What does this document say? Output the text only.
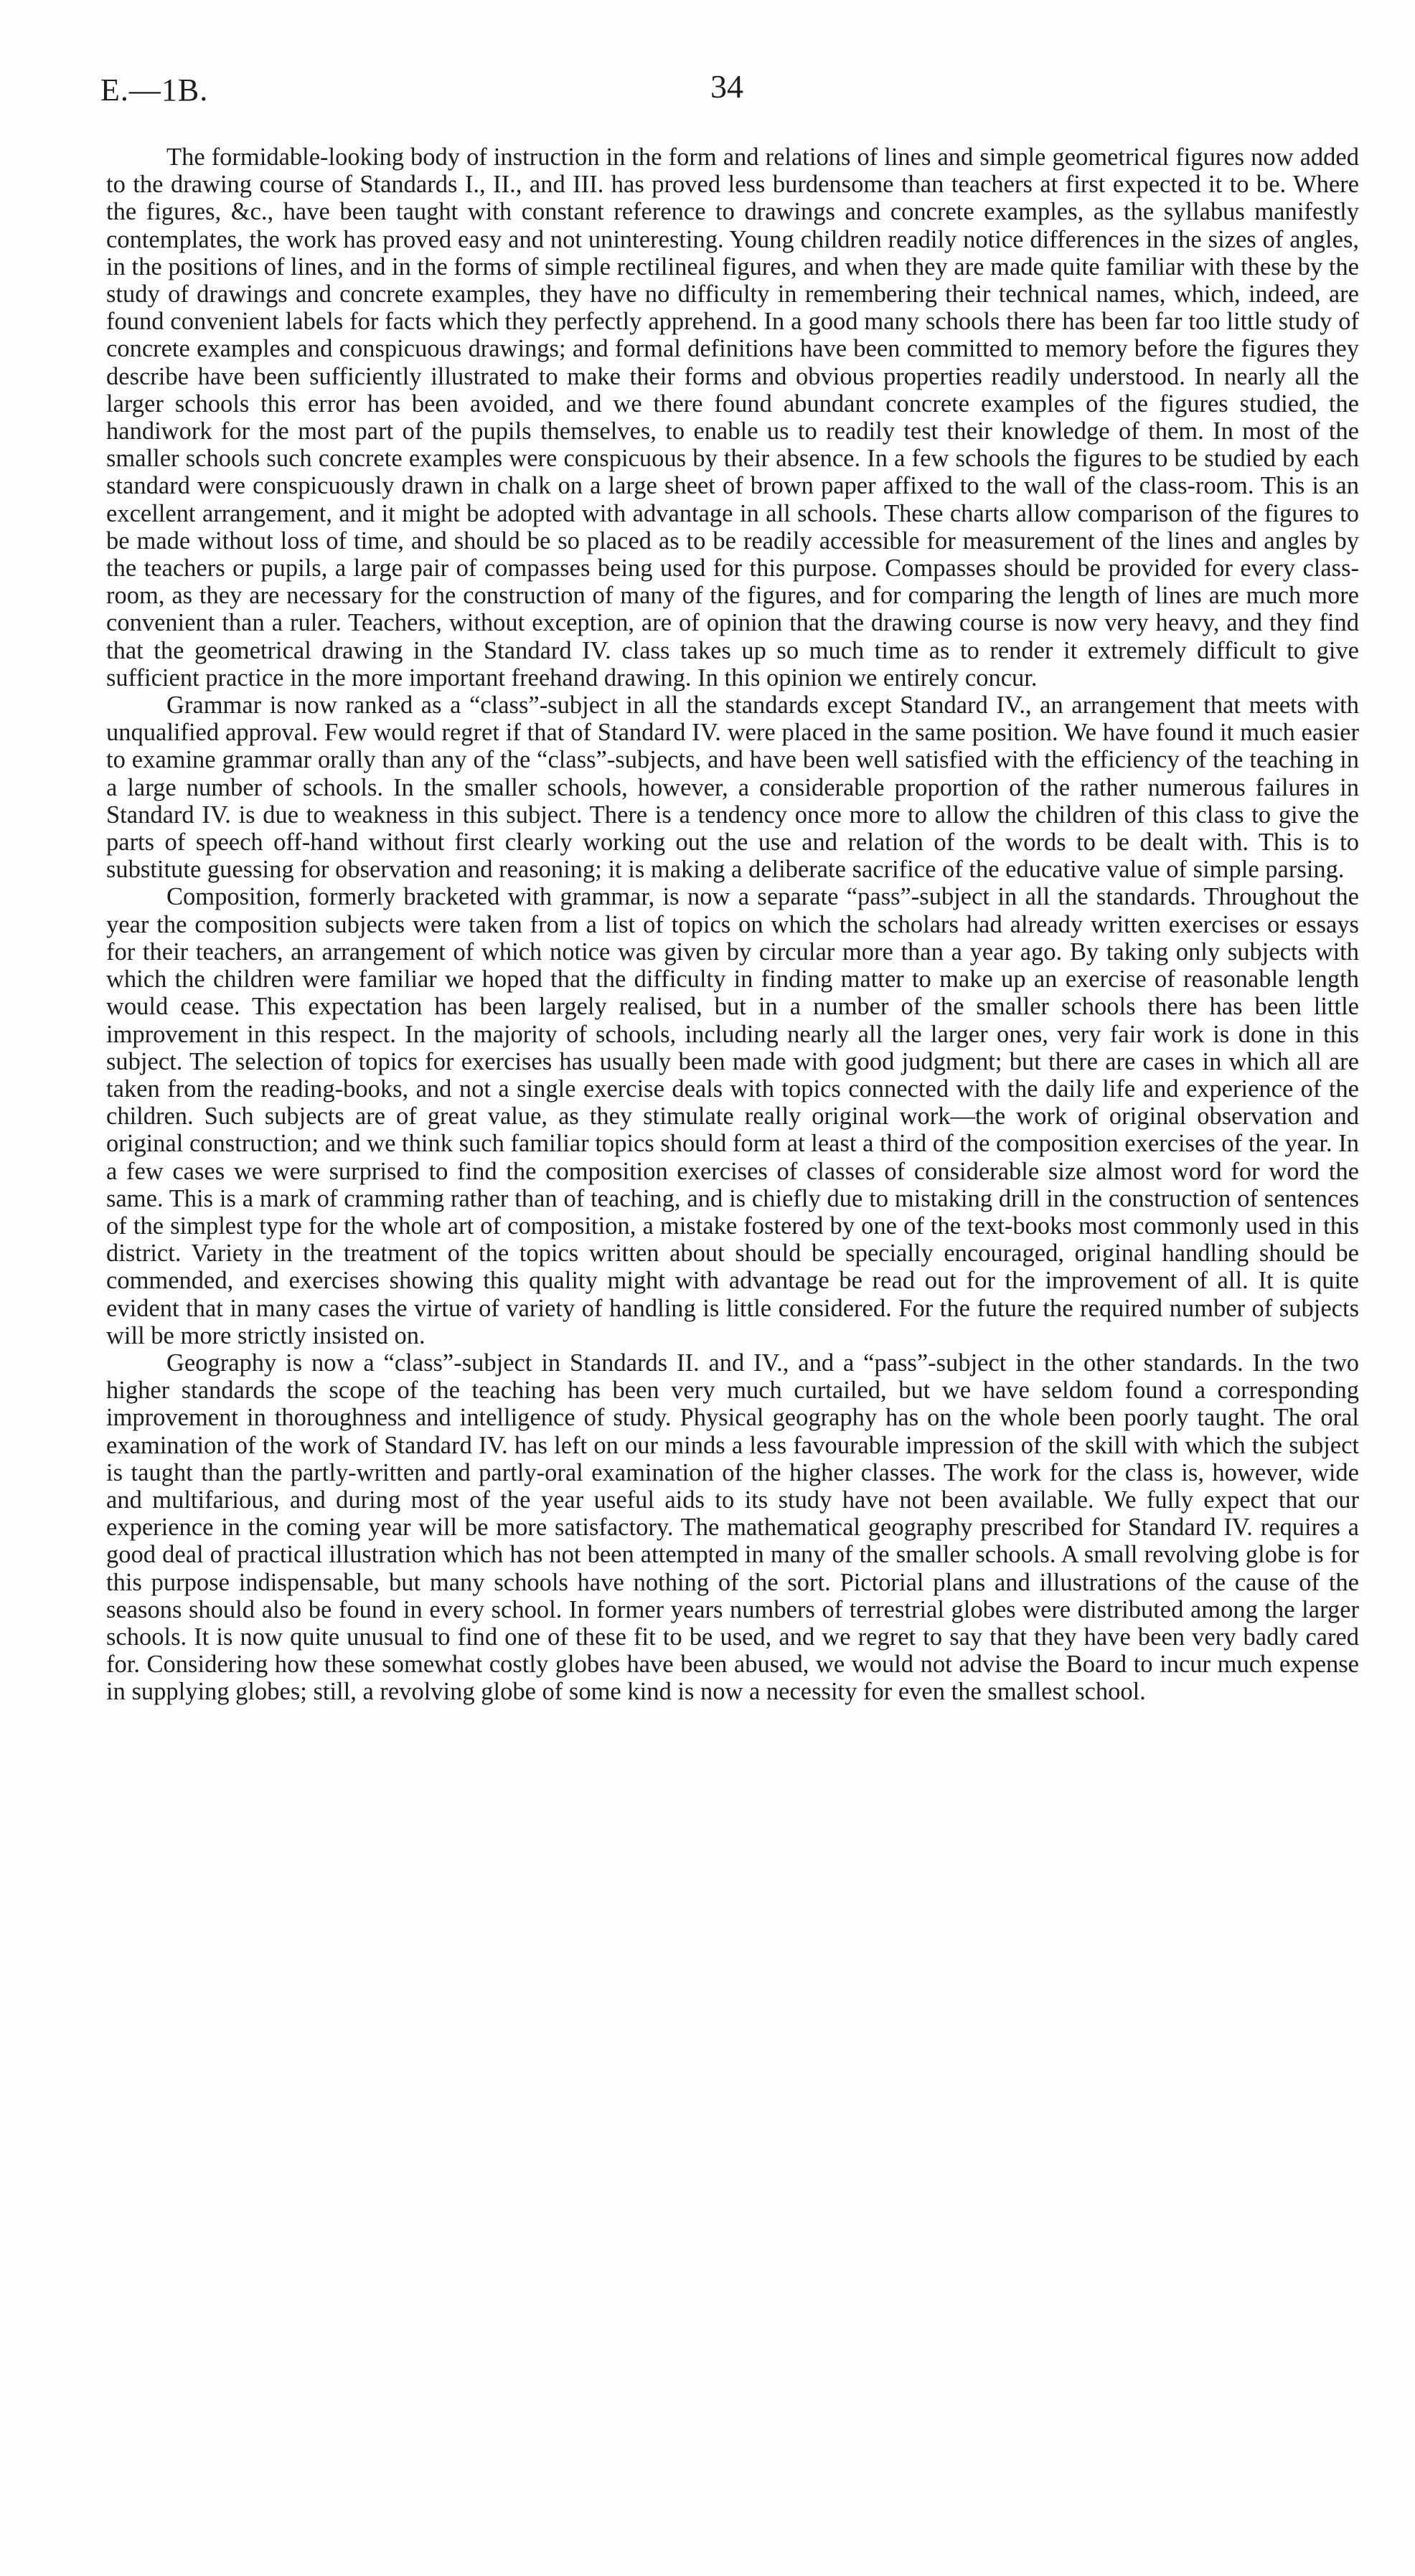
E.—1B.	34

The formidable-looking body of instruction in the form and relations of lines and simple geometrical figures now added to the drawing course of Standards I., II., and III. has proved less burdensome than teachers at first expected it to be. Where the figures, &c., have been taught with constant reference to drawings and concrete examples, as the syllabus manifestly contemplates, the work has proved easy and not uninteresting. Young children readily notice differences in the sizes of angles, in the positions of lines, and in the forms of simple rectilineal figures, and when they are made quite familiar with these by the study of drawings and concrete examples, they have no difficulty in remembering their technical names, which, indeed, are found convenient labels for facts which they perfectly apprehend. In a good many schools there has been far too little study of concrete examples and conspicuous drawings; and formal definitions have been committed to memory before the figures they describe have been sufficiently illustrated to make their forms and obvious properties readily understood. In nearly all the larger schools this error has been avoided, and we there found abundant concrete examples of the figures studied, the handiwork for the most part of the pupils themselves, to enable us to readily test their knowledge of them. In most of the smaller schools such concrete examples were conspicuous by their absence. In a few schools the figures to be studied by each standard were conspicuously drawn in chalk on a large sheet of brown paper affixed to the wall of the class-room. This is an excellent arrangement, and it might be adopted with advantage in all schools. These charts allow comparison of the figures to be made without loss of time, and should be so placed as to be readily accessible for measurement of the lines and angles by the teachers or pupils, a large pair of compasses being used for this purpose. Compasses should be provided for every class-room, as they are necessary for the construction of many of the figures, and for comparing the length of lines are much more convenient than a ruler. Teachers, without exception, are of opinion that the drawing course is now very heavy, and they find that the geometrical drawing in the Standard IV. class takes up so much time as to render it extremely difficult to give sufficient practice in the more important freehand drawing. In this opinion we entirely concur.

Grammar is now ranked as a “class”-subject in all the standards except Standard IV., an arrangement that meets with unqualified approval. Few would regret if that of Standard IV. were placed in the same position. We have found it much easier to examine grammar orally than any of the “class”-subjects, and have been well satisfied with the efficiency of the teaching in a large number of schools. In the smaller schools, however, a considerable proportion of the rather numerous failures in Standard IV. is due to weakness in this subject. There is a tendency once more to allow the children of this class to give the parts of speech off-hand without first clearly working out the use and relation of the words to be dealt with. This is to substitute guessing for observation and reasoning; it is making a deliberate sacrifice of the educative value of simple parsing.

Composition, formerly bracketed with grammar, is now a separate “pass”-subject in all the standards. Throughout the year the composition subjects were taken from a list of topics on which the scholars had already written exercises or essays for their teachers, an arrangement of which notice was given by circular more than a year ago. By taking only subjects with which the children were familiar we hoped that the difficulty in finding matter to make up an exercise of reasonable length would cease. This expectation has been largely realised, but in a number of the smaller schools there has been little improvement in this respect. In the majority of schools, including nearly all the larger ones, very fair work is done in this subject. The selection of topics for exercises has usually been made with good judgment; but there are cases in which all are taken from the reading-books, and not a single exercise deals with topics connected with the daily life and experience of the children. Such subjects are of great value, as they stimulate really original work—the work of original observation and original construction; and we think such familiar topics should form at least a third of the composition exercises of the year. In a few cases we were surprised to find the composition exercises of classes of considerable size almost word for word the same. This is a mark of cramming rather than of teaching, and is chiefly due to mistaking drill in the construction of sentences of the simplest type for the whole art of composition, a mistake fostered by one of the text-books most commonly used in this district. Variety in the treatment of the topics written about should be specially encouraged, original handling should be commended, and exercises showing this quality might with advantage be read out for the improvement of all. It is quite evident that in many cases the virtue of variety of handling is little considered. For the future the required number of subjects will be more strictly insisted on.

Geography is now a “class”-subject in Standards II. and IV., and a “pass”-subject in the other standards. In the two higher standards the scope of the teaching has been very much curtailed, but we have seldom found a corresponding improvement in thoroughness and intelligence of study. Physical geography has on the whole been poorly taught. The oral examination of the work of Standard IV. has left on our minds a less favourable impression of the skill with which the subject is taught than the partly-written and partly-oral examination of the higher classes. The work for the class is, however, wide and multifarious, and during most of the year useful aids to its study have not been available. We fully expect that our experience in the coming year will be more satisfactory. The mathematical geography prescribed for Standard IV. requires a good deal of practical illustration which has not been attempted in many of the smaller schools. A small revolving globe is for this purpose indispensable, but many schools have nothing of the sort. Pictorial plans and illustrations of the cause of the seasons should also be found in every school. In former years numbers of terrestrial globes were distributed among the larger schools. It is now quite unusual to find one of these fit to be used, and we regret to say that they have been very badly cared for. Considering how these somewhat costly globes have been abused, we would not advise the Board to incur much expense in supplying globes; still, a revolving globe of some kind is now a necessity for even the smallest school.
